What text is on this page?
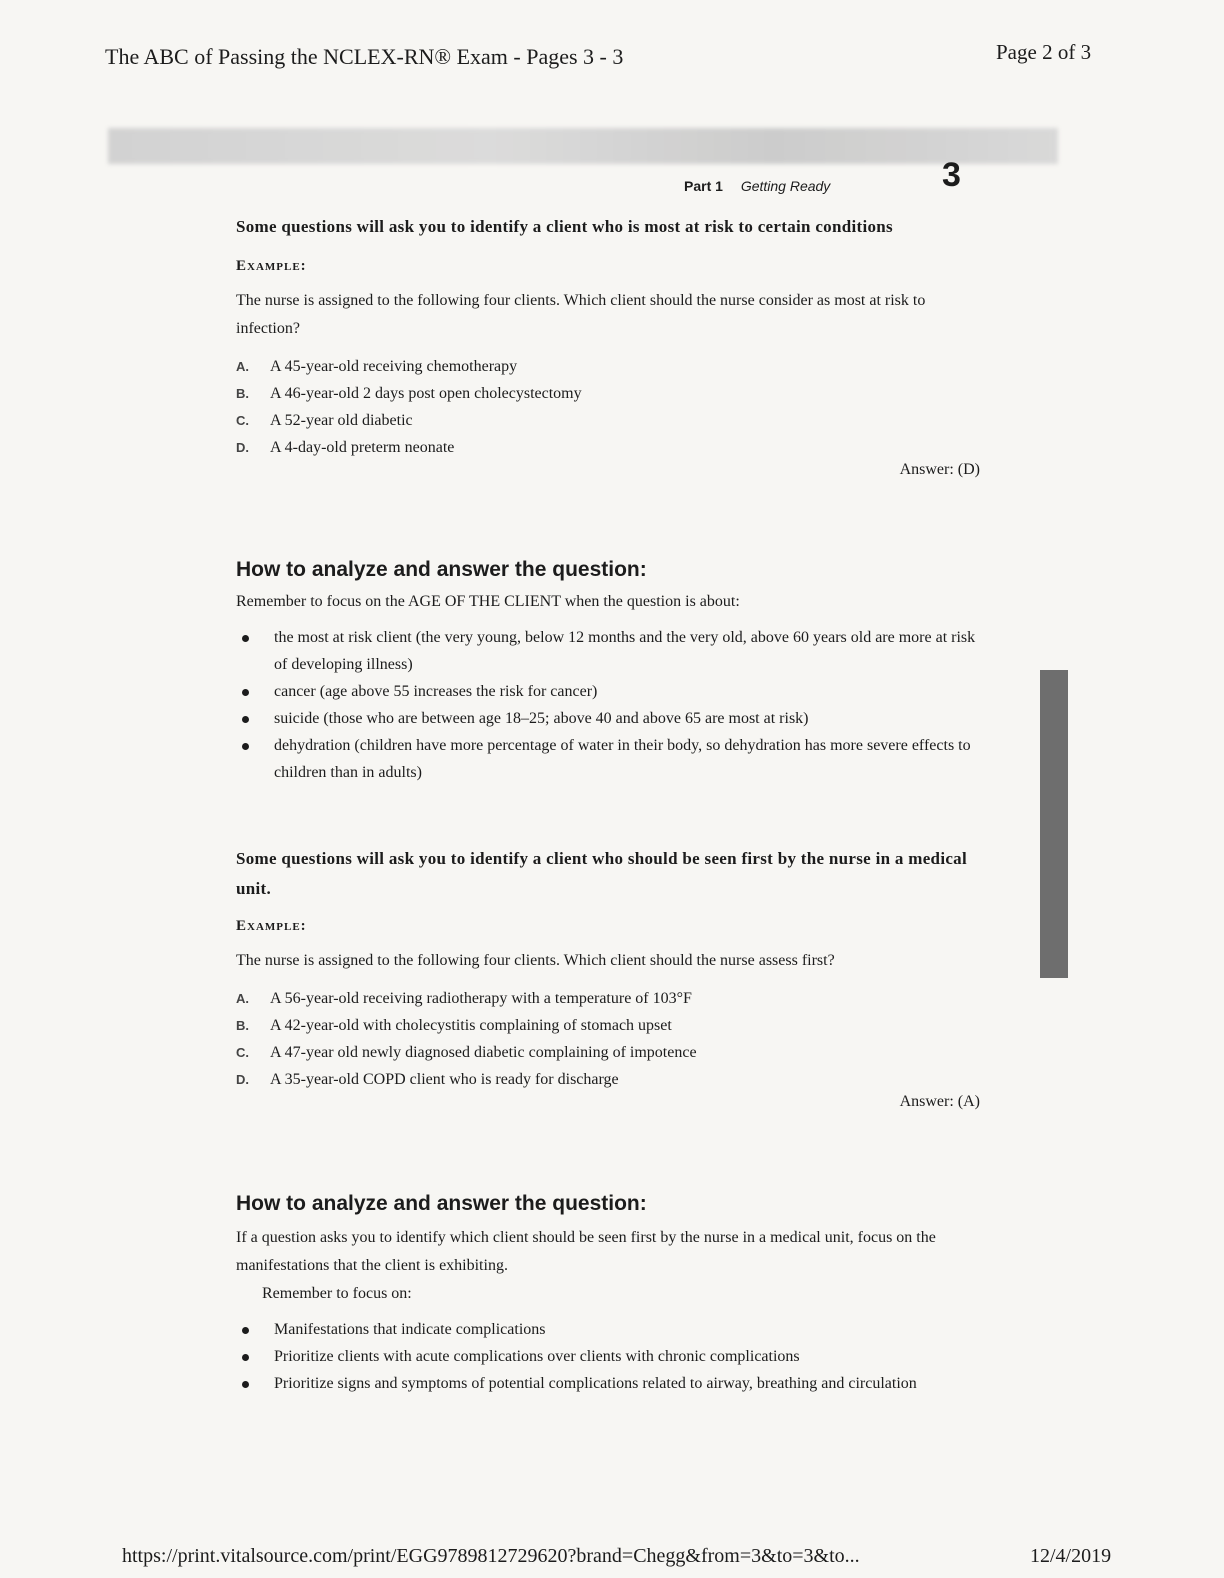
The ABC of Passing the NCLEX-RN® Exam - Pages 3 - 3	Page 2 of 3
Part 1 Getting Ready	3
Some questions will ask you to identify a client who is most at risk to certain conditions
Example:
The nurse is assigned to the following four clients. Which client should the nurse consider as most at risk to infection?
A.	A 45-year-old receiving chemotherapy
B.	A 46-year-old 2 days post open cholecystectomy
C.	A 52-year old diabetic
D.	A 4-day-old preterm neonate
Answer: (D)
How to analyze and answer the question:
Remember to focus on the AGE OF THE CLIENT when the question is about:
the most at risk client (the very young, below 12 months and the very old, above 60 years old are more at risk of developing illness)
cancer (age above 55 increases the risk for cancer)
suicide (those who are between age 18–25; above 40 and above 65 are most at risk)
dehydration (children have more percentage of water in their body, so dehydration has more severe effects to children than in adults)
Some questions will ask you to identify a client who should be seen first by the nurse in a medical unit.
Example:
The nurse is assigned to the following four clients. Which client should the nurse assess first?
A.	A 56-year-old receiving radiotherapy with a temperature of 103°F
B.	A 42-year-old with cholecystitis complaining of stomach upset
C.	A 47-year old newly diagnosed diabetic complaining of impotence
D.	A 35-year-old COPD client who is ready for discharge
Answer: (A)
How to analyze and answer the question:
If a question asks you to identify which client should be seen first by the nurse in a medical unit, focus on the manifestations that the client is exhibiting.
Remember to focus on:
Manifestations that indicate complications
Prioritize clients with acute complications over clients with chronic complications
Prioritize signs and symptoms of potential complications related to airway, breathing and circulation
https://print.vitalsource.com/print/EGG9789812729620?brand=Chegg&from=3&to=3&to...	12/4/2019
